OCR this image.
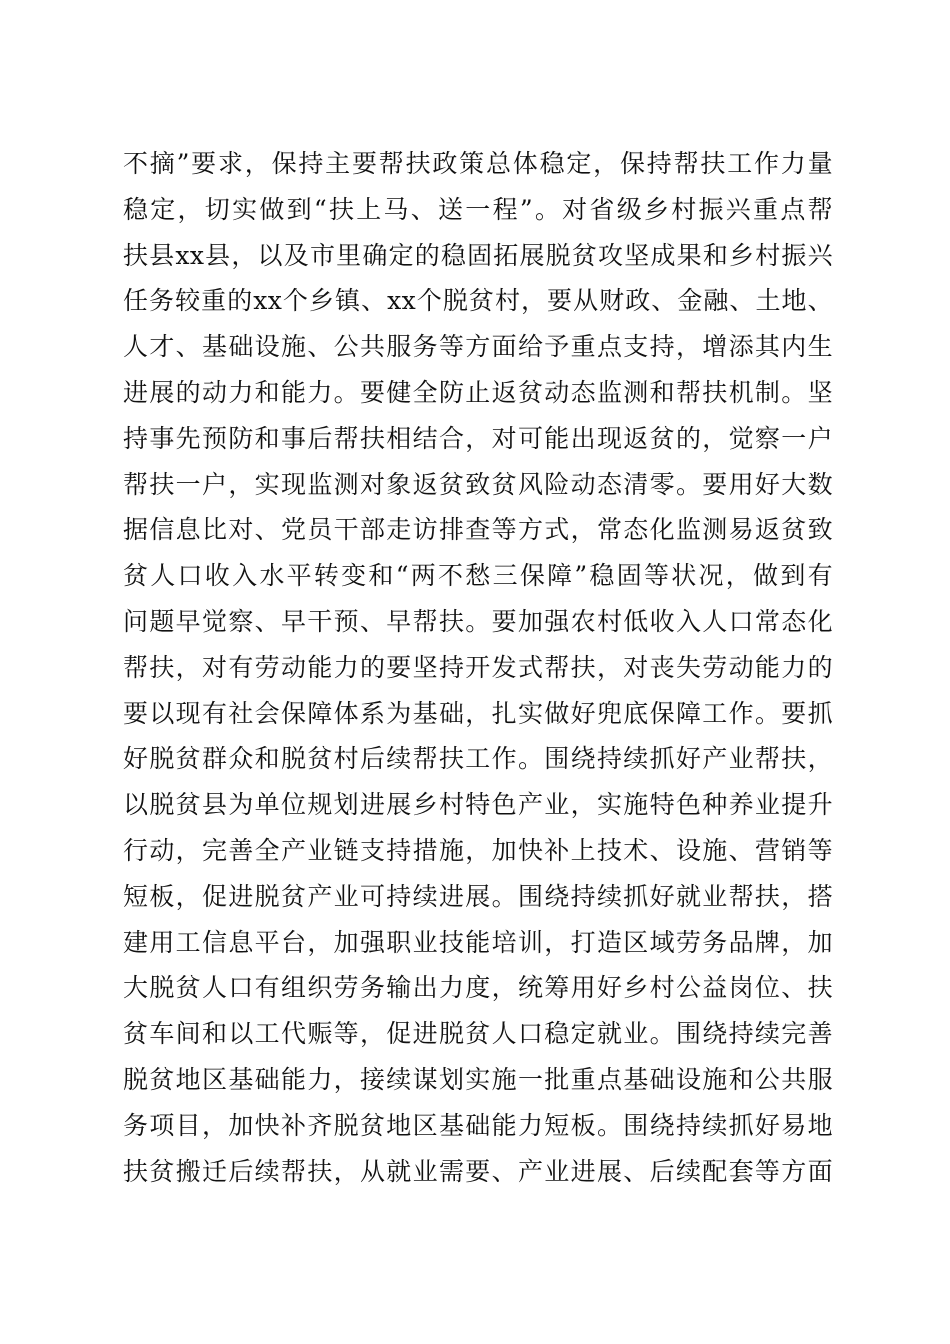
不摘”要求，保持主要帮扶政策总体稳定，保持帮扶工作力量
稳定，切实做到“扶上马、送一程”。对省级乡村振兴重点帮
扶县xx县，以及市里确定的稳固拓展脱贫攻坚成果和乡村振兴
任务较重的xx个乡镇、xx个脱贫村，要从财政、金融、土地、
人才、基础设施、公共服务等方面给予重点支持，增添其内生
进展的动力和能力。要健全防止返贫动态监测和帮扶机制。坚
持事先预防和事后帮扶相结合，对可能出现返贫的，觉察一户
帮扶一户，实现监测对象返贫致贫风险动态清零。要用好大数
据信息比对、党员干部走访排查等方式，常态化监测易返贫致
贫人口收入水平转变和“两不愁三保障”稳固等状况，做到有
问题早觉察、早干预、早帮扶。要加强农村低收入人口常态化
帮扶，对有劳动能力的要坚持开发式帮扶，对丧失劳动能力的
要以现有社会保障体系为基础，扎实做好兜底保障工作。要抓
好脱贫群众和脱贫村后续帮扶工作。围绕持续抓好产业帮扶，
以脱贫县为单位规划进展乡村特色产业，实施特色种养业提升
行动，完善全产业链支持措施，加快补上技术、设施、营销等
短板，促进脱贫产业可持续进展。围绕持续抓好就业帮扶，搭
建用工信息平台，加强职业技能培训，打造区域劳务品牌，加
大脱贫人口有组织劳务输出力度，统筹用好乡村公益岗位、扶
贫车间和以工代赈等，促进脱贫人口稳定就业。围绕持续完善
脱贫地区基础能力，接续谋划实施一批重点基础设施和公共服
务项目，加快补齐脱贫地区基础能力短板。围绕持续抓好易地
扶贫搬迁后续帮扶，从就业需要、产业进展、后续配套等方面
